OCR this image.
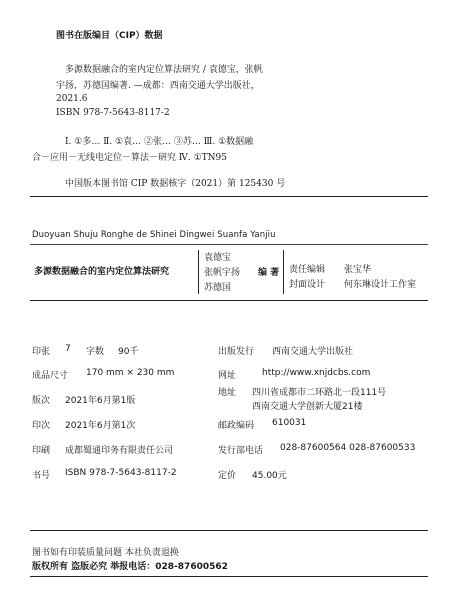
图书在版编目（CIP）数据
多源数据融合的室内定位算法研究 / 袁德宝，张帆
宇扬，苏德国编著. —成都：西南交通大学出版社，
2021.6
ISBN 978-7-5643-8117-2
Ⅰ. ①多… Ⅱ. ①袁… ②张… ③苏… Ⅲ. ①数据融
合－应用－无线电定位－算法－研究 Ⅳ. ①TN95
中国版本图书馆 CIP 数据核字（2021）第 125430 号
Duoyuan Shuju Ronghe de Shinei Dingwei Suanfa Yanjiu
多源数据融合的室内定位算法研究
袁德宝
张帆宇扬
苏德国
编 著 责任编辑 张宝华
封面设计 何东琳设计工作室
印张 7 字数 90千
成品尺寸 170 mm × 230 mm
版次 2021年6月第1版
印次 2021年6月第1次
印刷 成都蜀通印务有限责任公司
书号 ISBN 978-7-5643-8117-2
出版发行 西南交通大学出版社
网址	http://www.xnjdcbs.com
地址 四川省成都市二环路北一段111号
西南交通大学创新大厦21楼
邮政编码 610031
发行部电话 028-87600564 028-87600533
定价 45.00元
图书如有印装质量问题 本社负责退换
版权所有 盗版必究 举报电话：028-87600562
